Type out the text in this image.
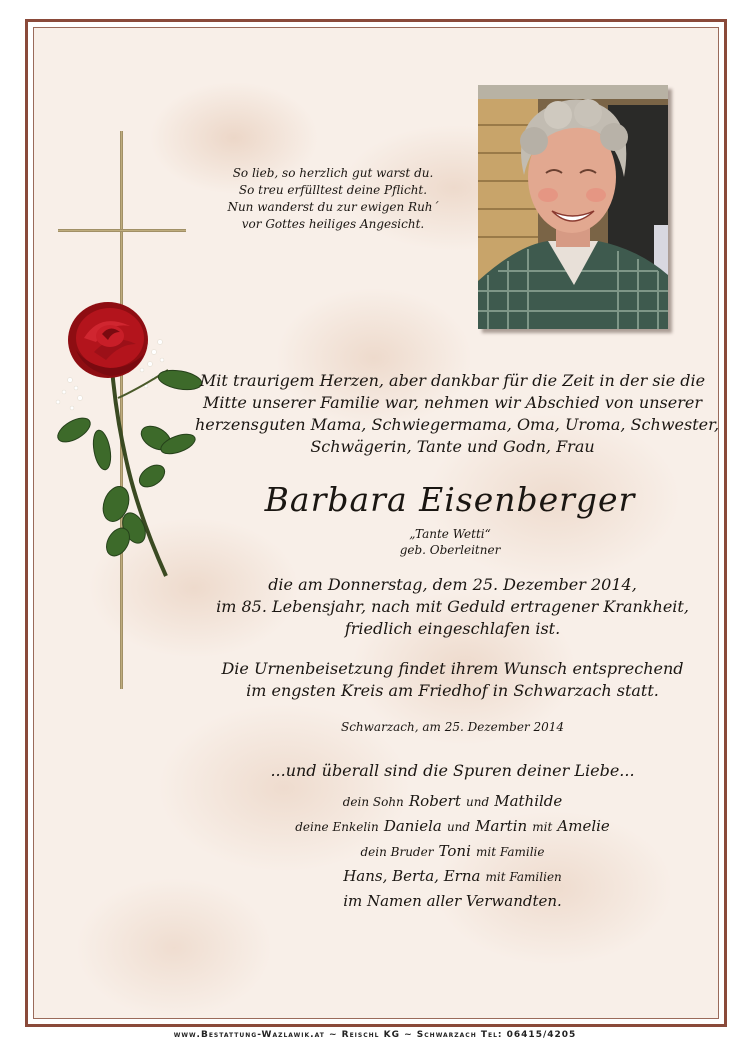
So lieb, so herzlich gut warst du.
So treu erfülltest deine Pflicht.
Nun wanderst du zur ewigen Ruh´
vor Gottes heiliges Angesicht.
Mit traurigem Herzen, aber dankbar für die Zeit in der sie die
Mitte unserer Familie war, nehmen wir Abschied von unserer
herzensguten Mama, Schwiegermama, Oma, Uroma, Schwester,
Schwägerin, Tante und Godn, Frau
Barbara Eisenberger
„Tante Wetti“
geb. Oberleitner
die am Donnerstag, dem 25. Dezember 2014,
im 85. Lebensjahr, nach mit Geduld ertragener Krankheit,
friedlich eingeschlafen ist.
Die Urnenbeisetzung findet ihrem Wunsch entsprechend
im engsten Kreis am Friedhof in Schwarzach statt.
Schwarzach, am 25. Dezember 2014
...und überall sind die Spuren deiner Liebe...
dein Sohn Robert und Mathilde
deine Enkelin Daniela und Martin mit Amelie
dein Bruder Toni mit Familie
Hans, Berta, Erna mit Familien
im Namen aller Verwandten.
www.Bestattung-Wazlawik.at ~ Reischl KG ~ Schwarzach Tel: 06415/4205
